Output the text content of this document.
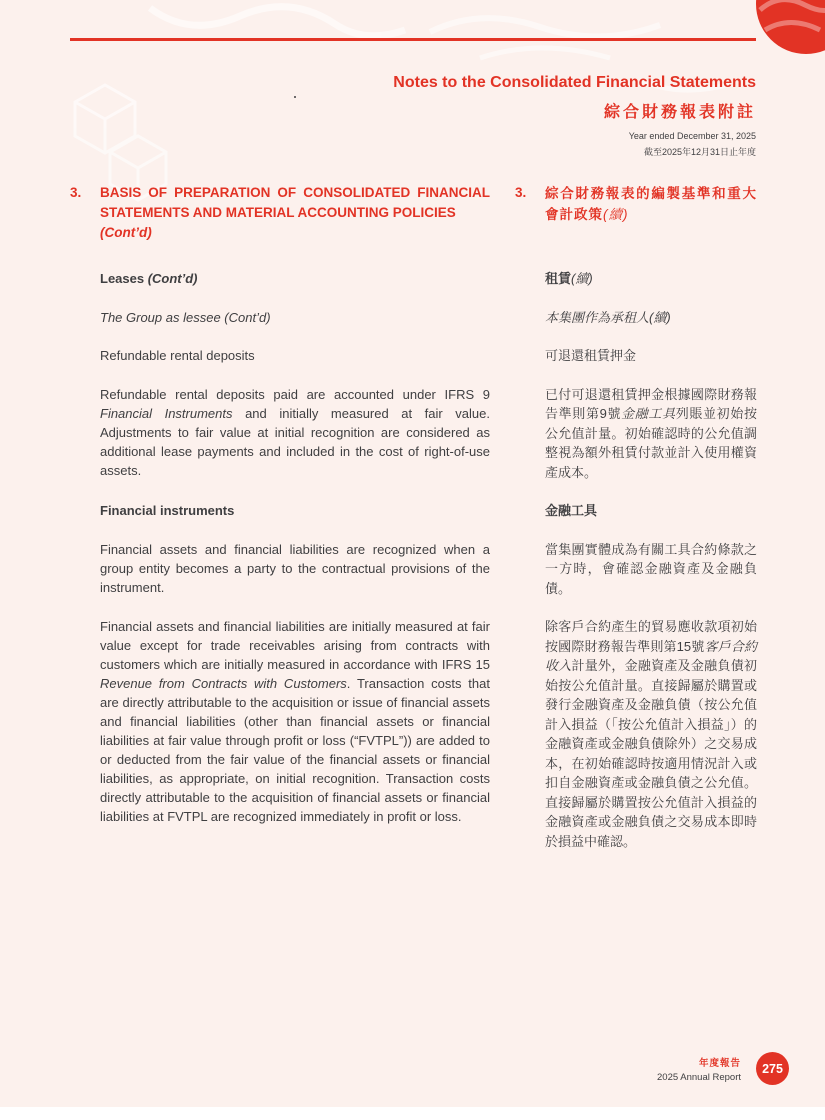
Notes to the Consolidated Financial Statements
綜合財務報表附註
Year ended December 31, 2025
截至2025年12月31日止年度
3.	BASIS OF PREPARATION OF CONSOLIDATED FINANCIAL STATEMENTS AND MATERIAL ACCOUNTING POLICIES
(Cont’d)
3.	綜合財務報表的編製基準和重大會計政策(續)
Leases (Cont’d)	租賃(續)
The Group as lessee (Cont’d)	本集團作為承租人(續)
Refundable rental deposits	可退還租賃押金

Refundable rental deposits paid are accounted under IFRS 9 Financial Instruments and initially measured at fair value. Adjustments to fair value at initial recognition are considered as additional lease payments and included in the cost of right-of-use assets.

已付可退還租賃押金根據國際財務報告準則第9號金融工具列賬並初始按公允值計量。初始確認時的公允值調整視為額外租賃付款並計入使用權資產成本。

Financial instruments	金融工具

Financial assets and financial liabilities are recognized when a group entity becomes a party to the contractual provisions of the instrument.

當集團實體成為有關工具合約條款之一方時，會確認金融資產及金融負債。

Financial assets and financial liabilities are initially measured at fair value except for trade receivables arising from contracts with customers which are initially measured in accordance with IFRS 15 Revenue from Contracts with Customers. Transaction costs that are directly attributable to the acquisition or issue of financial assets and financial liabilities (other than financial assets or financial liabilities at fair value through profit or loss (“FVTPL”)) are added to or deducted from the fair value of the financial assets or financial liabilities, as appropriate, on initial recognition. Transaction costs directly attributable to the acquisition of financial assets or financial liabilities at FVTPL are recognized immediately in profit or loss.

除客戶合約產生的貿易應收款項初始按國際財務報告準則第15號客戶合約收入計量外，金融資產及金融負債初始按公允值計量。直接歸屬於購置或發行金融資產及金融負債（按公允值計入損益（「按公允值計入損益」）的金融資產或金融負債除外）之交易成本，在初始確認時按適用情況計入或扣自金融資產或金融負債之公允值。直接歸屬於購置按公允值計入損益的金融資產或金融負債之交易成本即時於損益中確認。

年度報告
2025 Annual Report
275
